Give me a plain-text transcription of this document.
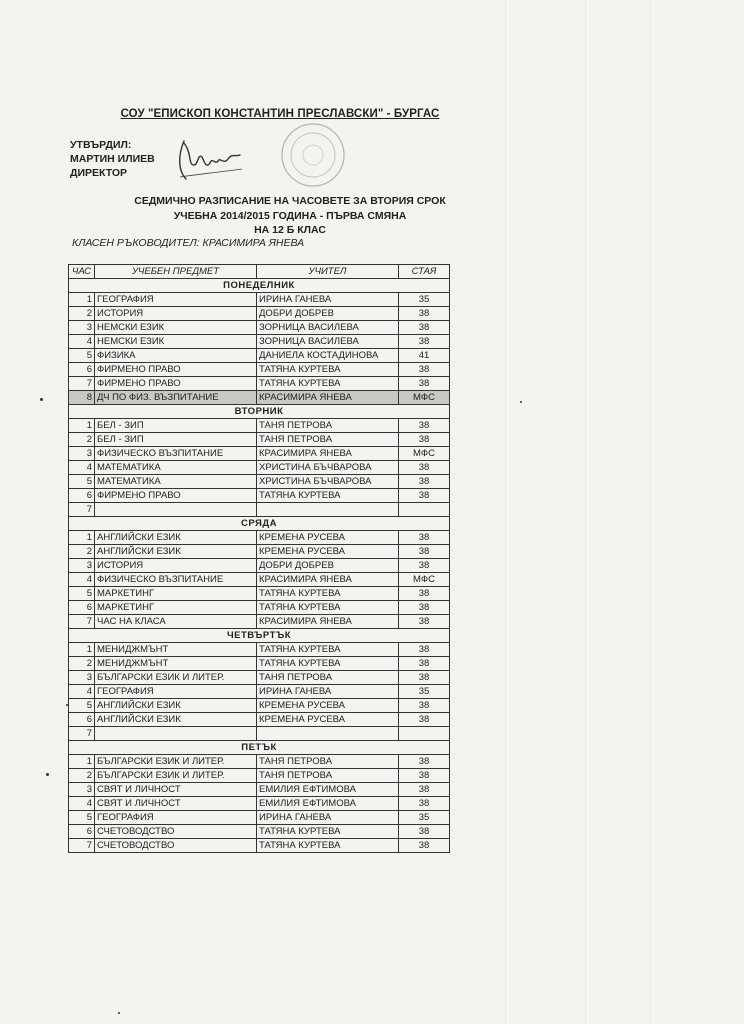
СОУ "ЕПИСКОП КОНСТАНТИН ПРЕСЛАВСКИ" - БУРГАС
УТВЪРДИЛ:
МАРТИН ИЛИЕВ
ДИРЕКТОР
СЕДМИЧНО РАЗПИСАНИЕ НА ЧАСОВЕТЕ ЗА ВТОРИЯ СРОК
УЧЕБНА 2014/2015 ГОДИНА - ПЪРВА СМЯНА
НА 12 Б КЛАС
КЛАСЕН РЪКОВОДИТЕЛ: КРАСИМИРА ЯНЕВА
ЧАС	УЧЕБЕН ПРЕДМЕТ	УЧИТЕЛ	СТАЯ
ПОНЕДЕЛНИК			
1	ГЕОГРАФИЯ	ИРИНА ГАНЕВА	35
2	ИСТОРИЯ	ДОБРИ ДОБРЕВ	38
3	НЕМСКИ ЕЗИК	ЗОРНИЦА ВАСИЛЕВА	38
4	НЕМСКИ ЕЗИК	ЗОРНИЦА ВАСИЛЕВА	38
5	ФИЗИКА	ДАНИЕЛА КОСТАДИНОВА	41
6	ФИРМЕНО ПРАВО	ТАТЯНА КУРТЕВА	38
7	ФИРМЕНО ПРАВО	ТАТЯНА КУРТЕВА	38
8	ДЧ ПО ФИЗ. ВЪЗПИТАНИЕ	КРАСИМИРА ЯНЕВА	МФС
ВТОРНИК			
1	БЕЛ - ЗИП	ТАНЯ ПЕТРОВА	38
2	БЕЛ - ЗИП	ТАНЯ ПЕТРОВА	38
3	ФИЗИЧЕСКО ВЪЗПИТАНИЕ	КРАСИМИРА ЯНЕВА	МФС
4	МАТЕМАТИКА	ХРИСТИНА БЪЧВАРОВА	38
5	МАТЕМАТИКА	ХРИСТИНА БЪЧВАРОВА	38
6	ФИРМЕНО ПРАВО	ТАТЯНА КУРТЕВА	38
7			
СРЯДА			
1	АНГЛИЙСКИ ЕЗИК	КРЕМЕНА РУСЕВА	38
2	АНГЛИЙСКИ ЕЗИК	КРЕМЕНА РУСЕВА	38
3	ИСТОРИЯ	ДОБРИ ДОБРЕВ	38
4	ФИЗИЧЕСКО ВЪЗПИТАНИЕ	КРАСИМИРА ЯНЕВА	МФС
5	МАРКЕТИНГ	ТАТЯНА КУРТЕВА	38
6	МАРКЕТИНГ	ТАТЯНА КУРТЕВА	38
7	ЧАС НА КЛАСА	КРАСИМИРА ЯНЕВА	38
ЧЕТВЪРТЪК			
1	МЕНИДЖМЪНТ	ТАТЯНА КУРТЕВА	38
2	МЕНИДЖМЪНТ	ТАТЯНА КУРТЕВА	38
3	БЪЛГАРСКИ ЕЗИК И ЛИТЕР.	ТАНЯ ПЕТРОВА	38
4	ГЕОГРАФИЯ	ИРИНА ГАНЕВА	35
5	АНГЛИЙСКИ ЕЗИК	КРЕМЕНА РУСЕВА	38
6	АНГЛИЙСКИ ЕЗИК	КРЕМЕНА РУСЕВА	38
7			
ПЕТЪК			
1	БЪЛГАРСКИ ЕЗИК И ЛИТЕР.	ТАНЯ ПЕТРОВА	38
2	БЪЛГАРСКИ ЕЗИК И ЛИТЕР.	ТАНЯ ПЕТРОВА	38
3	СВЯТ И ЛИЧНОСТ	ЕМИЛИЯ ЕФТИМОВА	38
4	СВЯТ И ЛИЧНОСТ	ЕМИЛИЯ ЕФТИМОВА	38
5	ГЕОГРАФИЯ	ИРИНА ГАНЕВА	35
6	СЧЕТОВОДСТВО	ТАТЯНА КУРТЕВА	38
7	СЧЕТОВОДСТВО	ТАТЯНА КУРТЕВА	38
